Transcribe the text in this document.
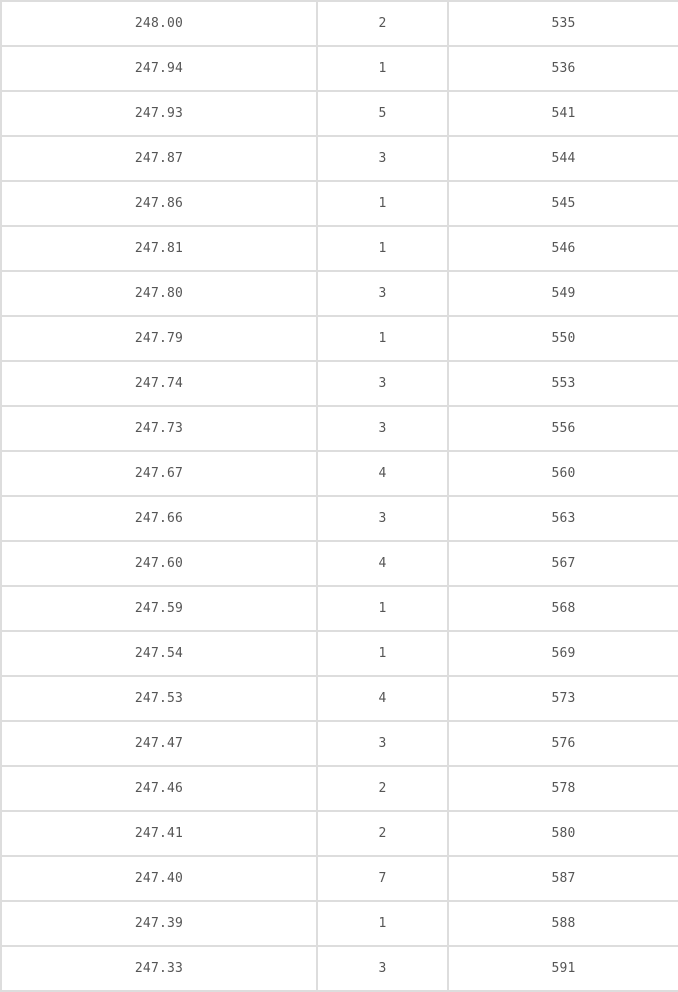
248.00	2	535
247.94	1	536
247.93	5	541
247.87	3	544
247.86	1	545
247.81	1	546
247.80	3	549
247.79	1	550
247.74	3	553
247.73	3	556
247.67	4	560
247.66	3	563
247.60	4	567
247.59	1	568
247.54	1	569
247.53	4	573
247.47	3	576
247.46	2	578
247.41	2	580
247.40	7	587
247.39	1	588
247.33	3	591
